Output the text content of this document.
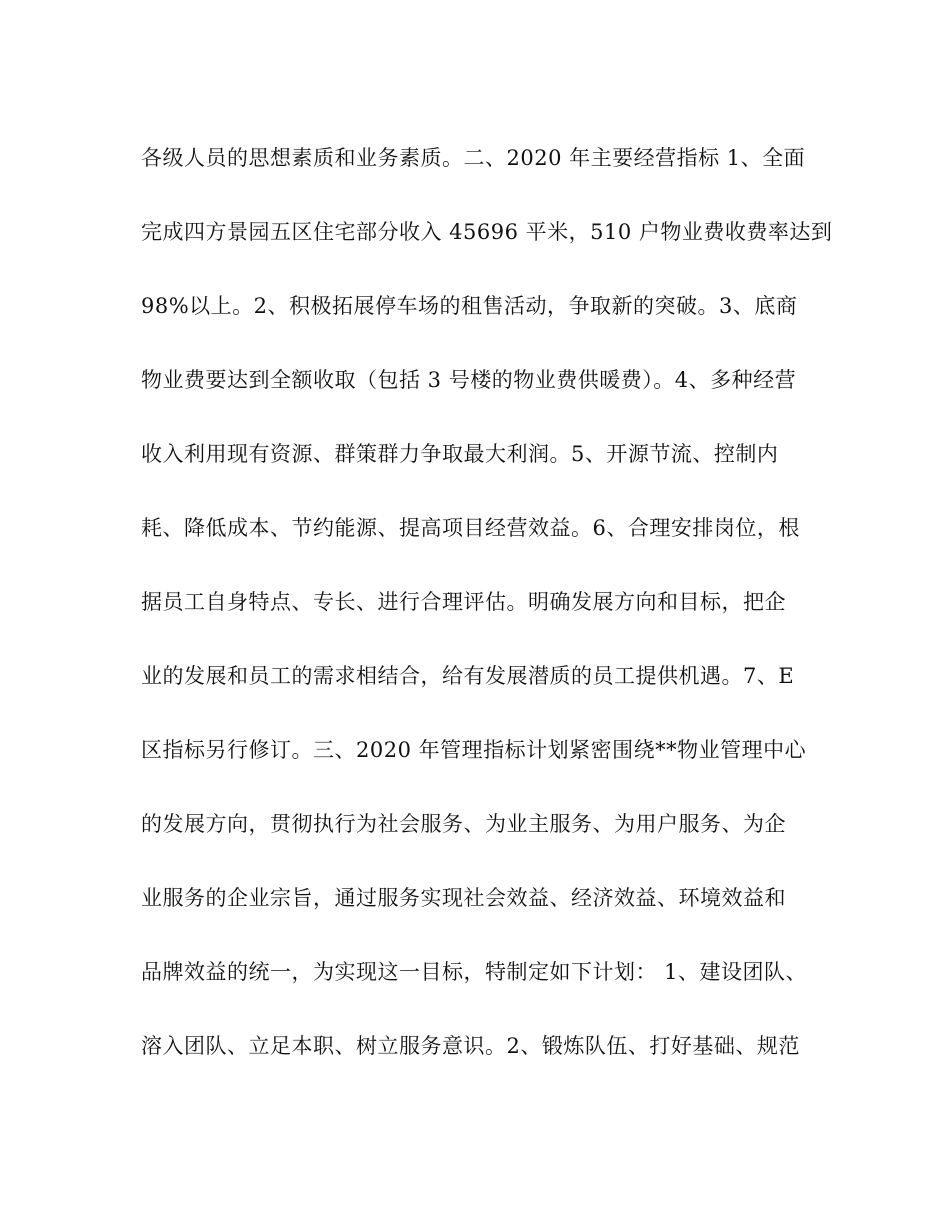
各级人员的思想素质和业务素质。二、2020 年主要经营指标 1、全面
完成四方景园五区住宅部分收入 45696 平米，510 户物业费收费率达到
98%以上。2、积极拓展停车场的租售活动，争取新的突破。3、底商
物业费要达到全额收取（包括 3 号楼的物业费供暖费）。4、多种经营
收入利用现有资源、群策群力争取最大利润。5、开源节流、控制内
耗、降低成本、节约能源、提高项目经营效益。6、合理安排岗位，根
据员工自身特点、专长、进行合理评估。明确发展方向和目标，把企
业的发展和员工的需求相结合，给有发展潜质的员工提供机遇。7、E
区指标另行修订。三、2020 年管理指标计划紧密围绕**物业管理中心
的发展方向，贯彻执行为社会服务、为业主服务、为用户服务、为企
业服务的企业宗旨，通过服务实现社会效益、经济效益、环境效益和
品牌效益的统一，为实现这一目标，特制定如下计划： 1、建设团队、
溶入团队、立足本职、树立服务意识。2、锻炼队伍、打好基础、规范
